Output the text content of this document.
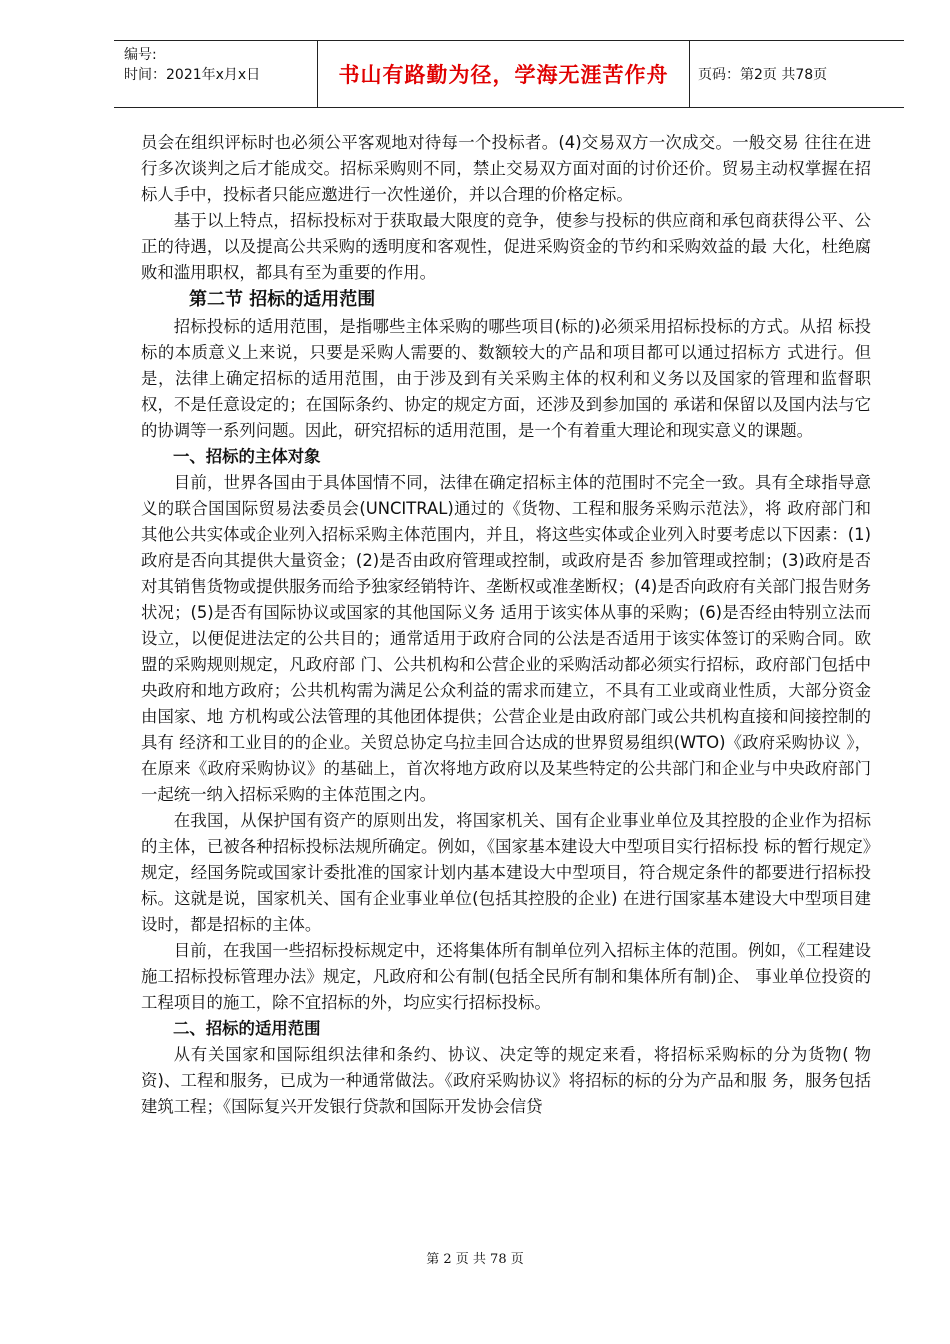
编号:
时间：2021年x月x日	书山有路勤为径，学海无涯苦作舟	页码：第2页 共78页

员会在组织评标时也必须公平客观地对待每一个投标者。(4)交易双方一次成交。一般交易 往往在进行多次谈判之后才能成交。招标采购则不同，禁止交易双方面对面的讨价还价。贸易主动权掌握在招标人手中，投标者只能应邀进行一次性递价，并以合理的价格定标。

基于以上特点，招标投标对于获取最大限度的竞争，使参与投标的供应商和承包商获得公平、公正的待遇，以及提高公共采购的透明度和客观性，促进采购资金的节约和采购效益的最 大化，杜绝腐败和滥用职权，都具有至为重要的作用。

第二节 招标的适用范围

招标投标的适用范围，是指哪些主体采购的哪些项目(标的)必须采用招标投标的方式。从招 标投标的本质意义上来说，只要是采购人需要的、数额较大的产品和项目都可以通过招标方 式进行。但是，法律上确定招标的适用范围，由于涉及到有关采购主体的权利和义务以及国家的管理和监督职权，不是任意设定的；在国际条约、协定的规定方面，还涉及到参加国的 承诺和保留以及国内法与它的协调等一系列问题。因此，研究招标的适用范围，是一个有着重大理论和现实意义的课题。

一、招标的主体对象

目前，世界各国由于具体国情不同，法律在确定招标主体的范围时不完全一致。具有全球指导意义的联合国国际贸易法委员会(UNCITRAL)通过的《货物、工程和服务采购示范法》，将 政府部门和其他公共实体或企业列入招标采购主体范围内，并且，将这些实体或企业列入时要考虑以下因素：(1)政府是否向其提供大量资金；(2)是否由政府管理或控制，或政府是否 参加管理或控制；(3)政府是否对其销售货物或提供服务而给予独家经销特许、垄断权或准垄断权；(4)是否向政府有关部门报告财务状况；(5)是否有国际协议或国家的其他国际义务 适用于该实体从事的采购；(6)是否经由特别立法而设立，以便促进法定的公共目的；通常适用于政府合同的公法是否适用于该实体签订的采购合同。欧盟的采购规则规定，凡政府部 门、公共机构和公营企业的采购活动都必须实行招标，政府部门包括中央政府和地方政府；公共机构需为满足公众利益的需求而建立，不具有工业或商业性质，大部分资金由国家、地 方机构或公法管理的其他团体提供；公营企业是由政府部门或公共机构直接和间接控制的具有 经济和工业目的的企业。关贸总协定乌拉圭回合达成的世界贸易组织(WTO)《政府采购协议 》，在原来《政府采购协议》的基础上，首次将地方政府以及某些特定的公共部门和企业与中央政府部门一起统一纳入招标采购的主体范围之内。

在我国，从保护国有资产的原则出发，将国家机关、国有企业事业单位及其控股的企业作为招标的主体，已被各种招标投标法规所确定。例如，《国家基本建设大中型项目实行招标投 标的暂行规定》规定，经国务院或国家计委批准的国家计划内基本建设大中型项目，符合规定条件的都要进行招标投标。这就是说，国家机关、国有企业事业单位(包括其控股的企业) 在进行国家基本建设大中型项目建设时，都是招标的主体。

目前，在我国一些招标投标规定中，还将集体所有制单位列入招标主体的范围。例如，《工程建设施工招标投标管理办法》规定，凡政府和公有制(包括全民所有制和集体所有制)企、 事业单位投资的工程项目的施工，除不宜招标的外，均应实行招标投标。

二、招标的适用范围

从有关国家和国际组织法律和条约、协议、决定等的规定来看，将招标采购标的分为货物( 物资)、工程和服务，已成为一种通常做法。《政府采购协议》将招标的标的分为产品和服 务，服务包括建筑工程；《国际复兴开发银行贷款和国际开发协会信贷

第 2 页 共 78 页
